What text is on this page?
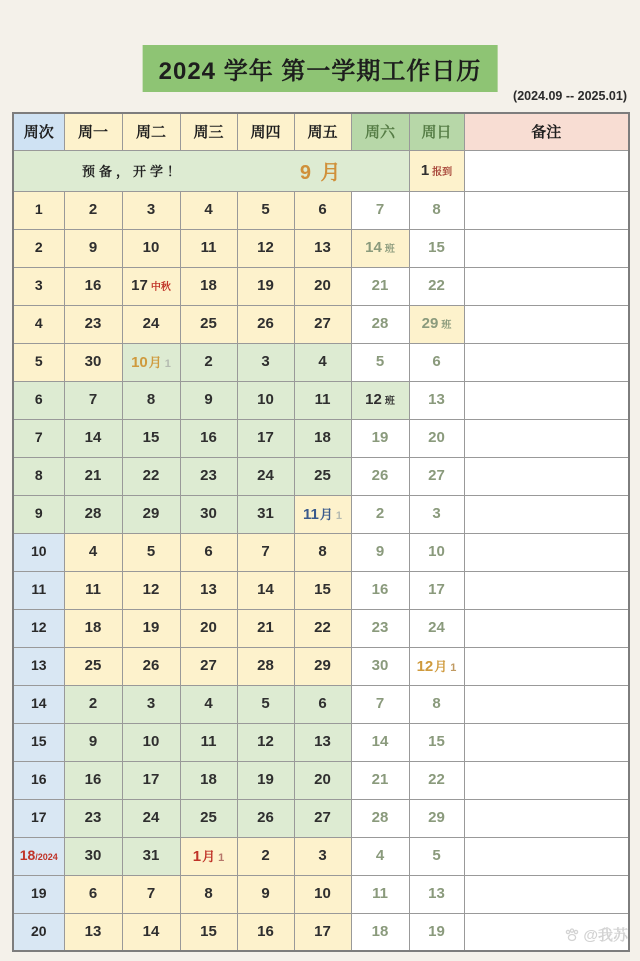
2024 学年 第一学期工作日历
(2024.09 -- 2025.01)
周次	周一	周二	周三	周四	周五	周六	周日	备注

预备，开学！ 9 月							1 报到	
1	2	3	4	5	6	7	8	
2	9	10	11	12	13	14 班	15	
3	16	17 中秋	18	19	20	21	22	
4	23	24	25	26	27	28	29 班	
5	30	10月 1	2	3	4	5	6	
6	7	8	9	10	11	12 班	13	
7	14	15	16	17	18	19	20	
8	21	22	23	24	25	26	27	
9	28	29	30	31	11月 1	2	3	
10	4	5	6	7	8	9	10	
11	11	12	13	14	15	16	17	
12	18	19	20	21	22	23	24	
13	25	26	27	28	29	30	12月 1	
14	2	3	4	5	6	7	8	
15	9	10	11	12	13	14	15	
16	16	17	18	19	20	21	22	
17	23	24	25	26	27	28	29	
18/2024	30	31	1月 1	2	3	4	5	
19	6	7	8	9	10	11	13	
20	13	14	15	16	17	18	19		@我苏
